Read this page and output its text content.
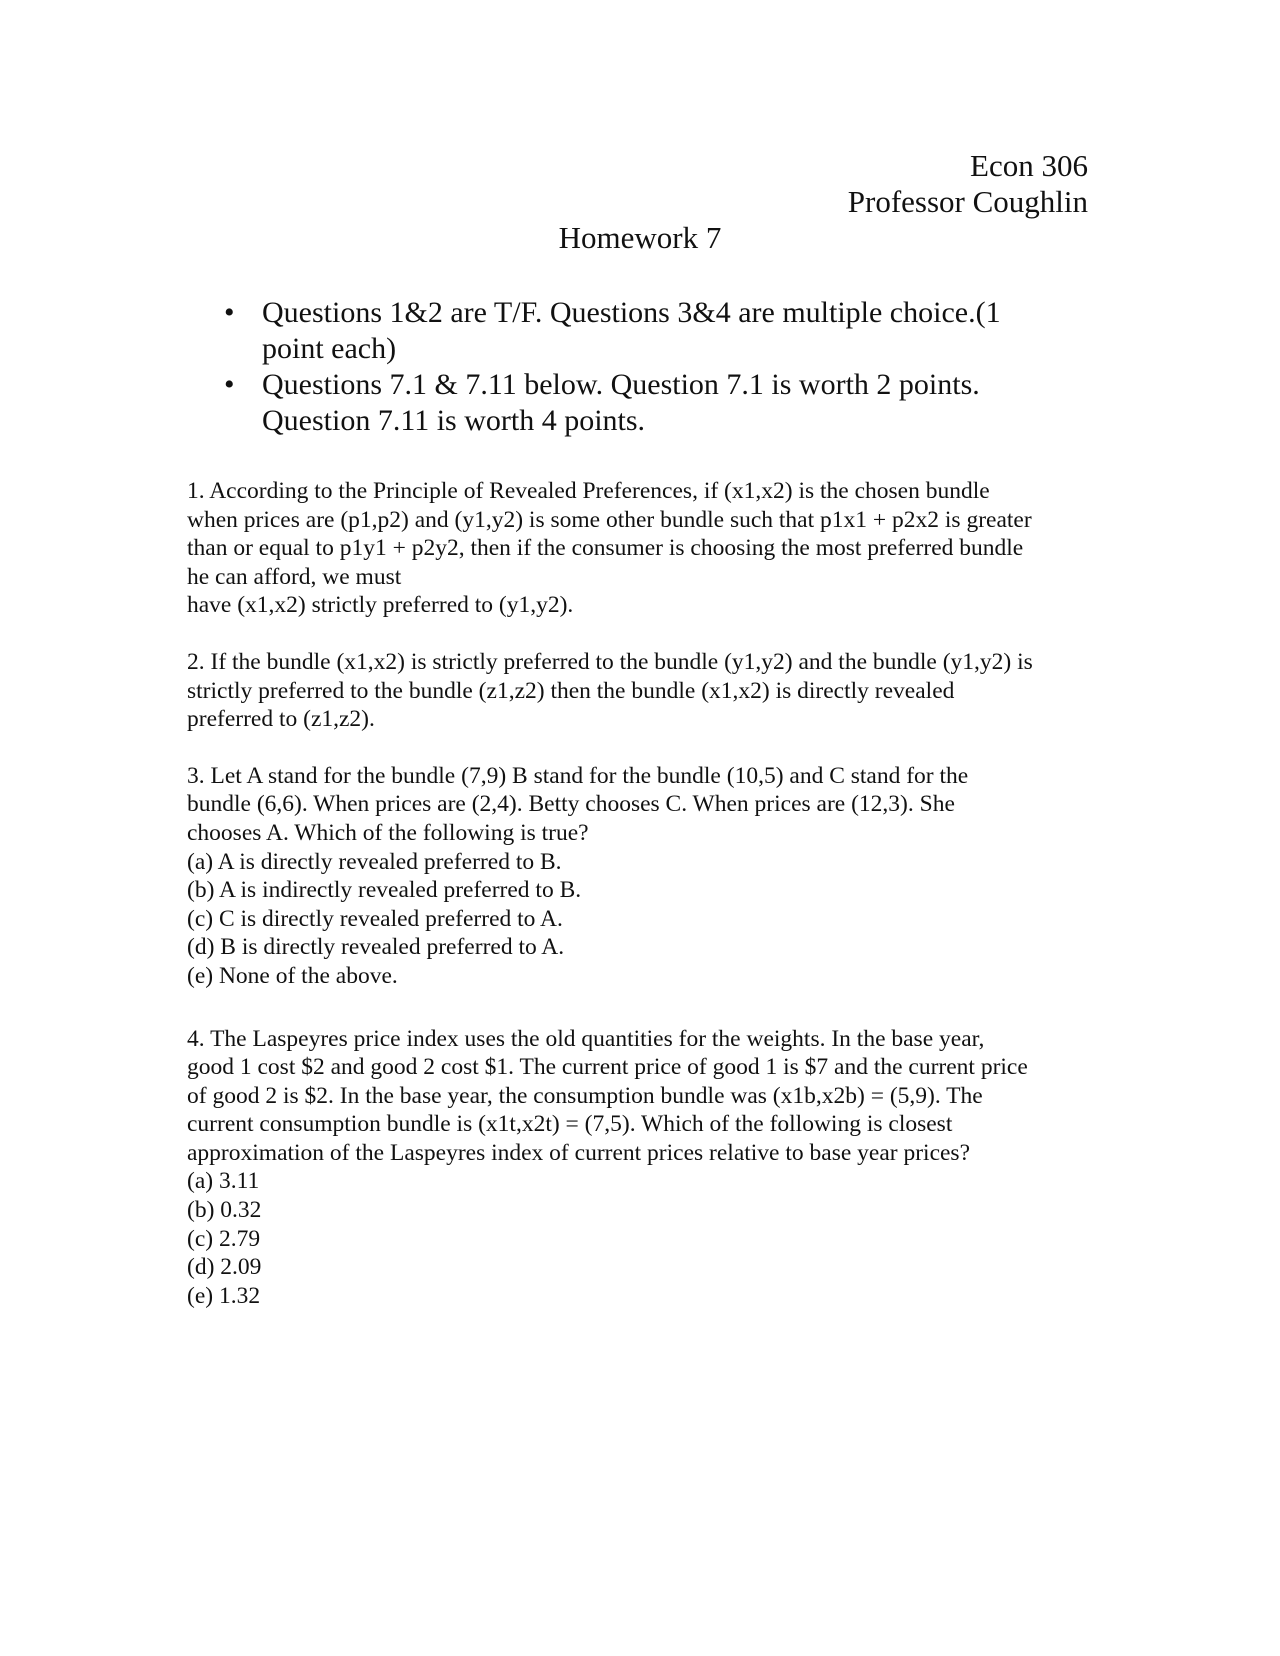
Econ 306
Professor Coughlin
Homework 7
• Questions 1&2 are T/F. Questions 3&4 are multiple choice.(1
point each)
• Questions 7.1 & 7.11 below. Question 7.1 is worth 2 points.
Question 7.11 is worth 4 points.
1. According to the Principle of Revealed Preferences, if (x1,x2) is the chosen bundle
when prices are (p1,p2) and (y1,y2) is some other bundle such that p1x1 + p2x2 is greater
than or equal to p1y1 + p2y2, then if the consumer is choosing the most preferred bundle
he can afford, we must
have (x1,x2) strictly preferred to (y1,y2).
2. If the bundle (x1,x2) is strictly preferred to the bundle (y1,y2) and the bundle (y1,y2) is
strictly preferred to the bundle (z1,z2) then the bundle (x1,x2) is directly revealed
preferred to (z1,z2).
3. Let A stand for the bundle (7,9) B stand for the bundle (10,5) and C stand for the
bundle (6,6). When prices are (2,4). Betty chooses C. When prices are (12,3). She
chooses A. Which of the following is true?
(a) A is directly revealed preferred to B.
(b) A is indirectly revealed preferred to B.
(c) C is directly revealed preferred to A.
(d) B is directly revealed preferred to A.
(e) None of the above.
4. The Laspeyres price index uses the old quantities for the weights. In the base year,
good 1 cost $2 and good 2 cost $1. The current price of good 1 is $7 and the current price
of good 2 is $2. In the base year, the consumption bundle was (x1b,x2b) = (5,9). The
current consumption bundle is (x1t,x2t) = (7,5). Which of the following is closest
approximation of the Laspeyres index of current prices relative to base year prices?
(a) 3.11
(b) 0.32
(c) 2.79
(d) 2.09
(e) 1.32
